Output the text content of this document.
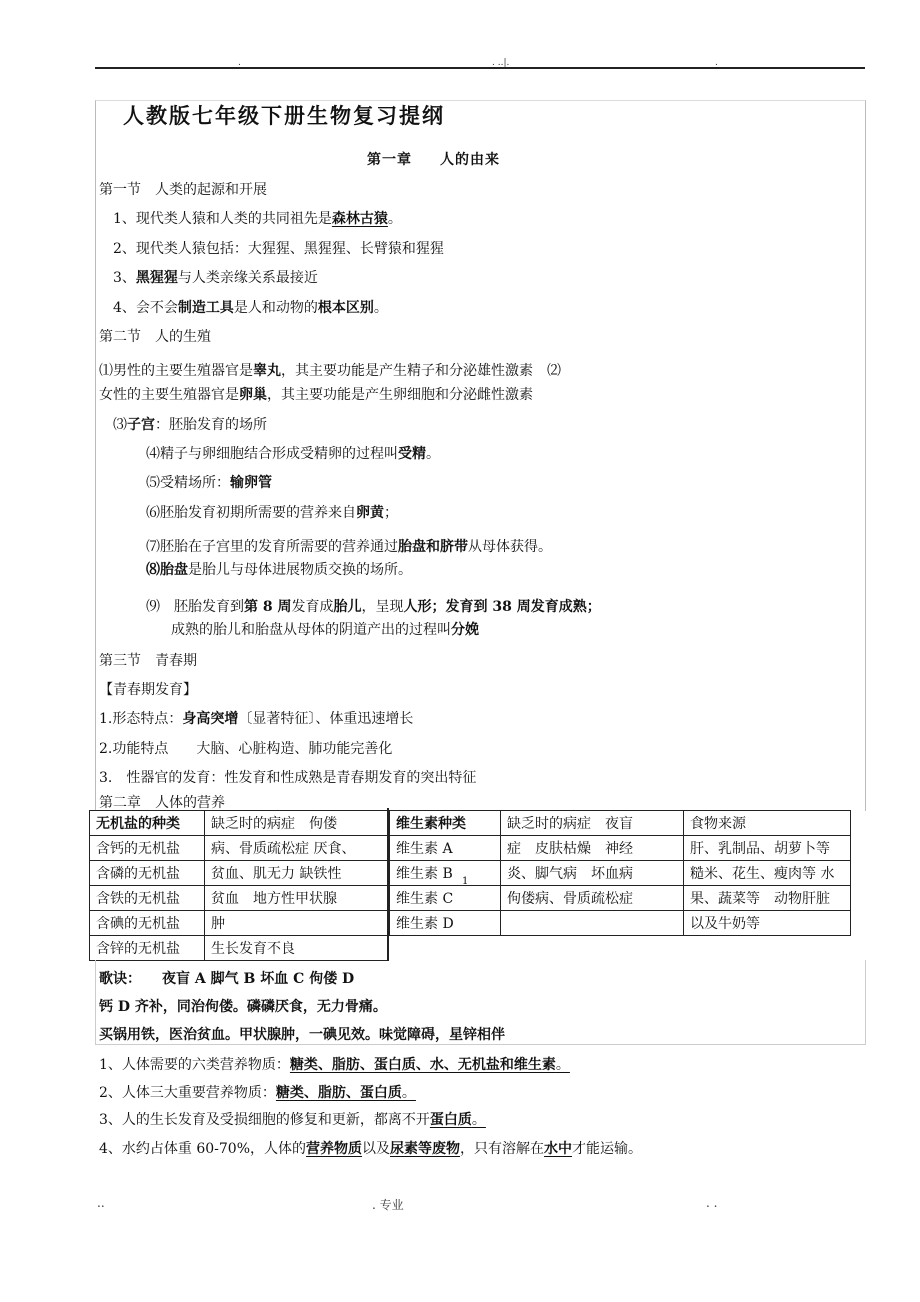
.	. ..|.	.
人教版七年级下册生物复习提纲
第一章 人的由来
第一节　人类的起源和开展
1、现代类人猿和人类的共同祖先是森林古猿。
2、现代类人猿包括：大猩猩、黑猩猩、长臂猿和猩猩
3、黑猩猩与人类亲缘关系最接近
4、会不会制造工具是人和动物的根本区别。
第二节　人的生殖
⑴男性的主要生殖器官是睾丸，其主要功能是产生精子和分泌雄性激素　⑵
女性的主要生殖器官是卵巢，其主要功能是产生卵细胞和分泌雌性激素
⑶子宫：胚胎发育的场所
⑷精子与卵细胞结合形成受精卵的过程叫受精。
⑸受精场所：输卵管
⑹胚胎发育初期所需要的营养来自卵黄；
⑺胚胎在子宫里的发育所需要的营养通过胎盘和脐带从母体获得。
⑻胎盘是胎儿与母体进展物质交换的场所。
⑼　胚胎发育到第 8 周发育成胎儿，呈现人形；发育到 38 周发育成熟；
成熟的胎儿和胎盘从母体的阴道产出的过程叫分娩
第三节　青春期
【青春期发育】
1.形态特点：身高突增〔显著特征〕、体重迅速增长
2.功能特点　　大脑、心脏构造、肺功能完善化
3.　性器官的发育：性发育和性成熟是青春期发育的突出特征
第二章　人体的营养
无机盐的种类	缺乏时的病症　佝偻
含钙的无机盐	病、骨质疏松症 厌食、
含磷的无机盐	贫血、肌无力 缺铁性
含铁的无机盐	贫血　地方性甲状腺
含碘的无机盐	肿
含锌的无机盐	生长发育不良
维生素种类	缺乏时的病症　夜盲	食物来源
维生素 A	症　皮肤枯燥　神经	肝、乳制品、胡萝卜等
维生素 B	炎、脚气病　坏血病	糙米、花生、瘦肉等 水
维生素 C	佝偻病、骨质疏松症	果、蔬菜等　动物肝脏
维生素 D		以及牛奶等
1
歌诀：　　夜盲 A 脚气 B 坏血 C 佝偻 D
钙 D 齐补，同治佝偻。磷磷厌食，无力骨痛。
买锅用铁，医治贫血。甲状腺肿，一碘见效。味觉障碍，星锌相伴
1、人体需要的六类营养物质：糖类、脂肪、蛋白质、水、无机盐和维生素。
2、人体三大重要营养物质：糖类、脂肪、蛋白质。
3、人的生长发育及受损细胞的修复和更新，都离不开蛋白质。
4、水约占体重 60-70%，人体的营养物质以及尿素等废物，只有溶解在水中才能运输。
..	. 专业	. .
